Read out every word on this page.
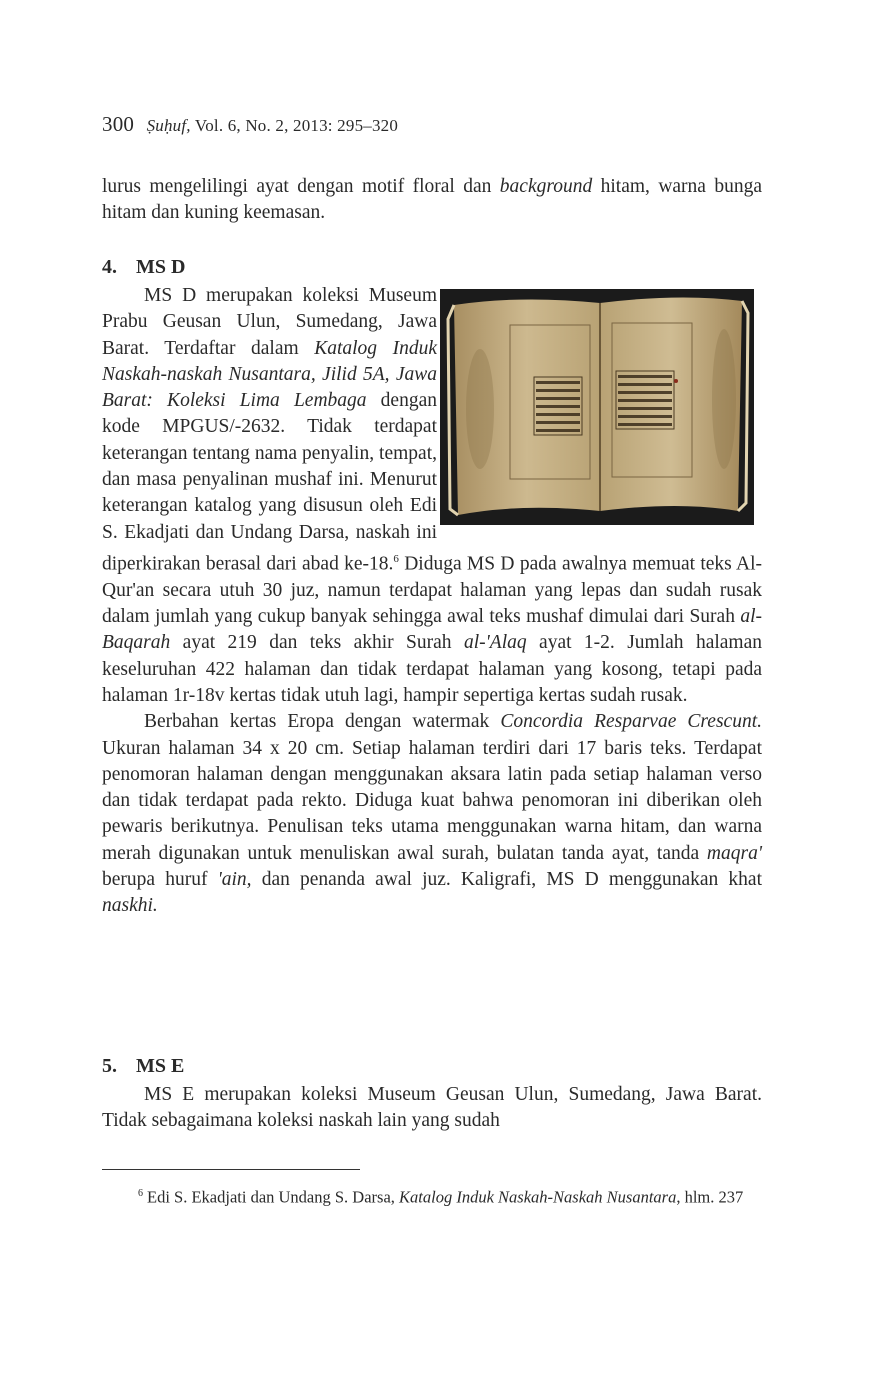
300 Ṣuḥuf, Vol. 6, No. 2, 2013: 295–320

lurus mengelilingi ayat dengan motif floral dan background hitam, warna bunga hitam dan kuning keemasan.

4. MS D

MS D merupakan koleksi Museum Prabu Geusan Ulun, Sumedang, Jawa Barat. Terdaftar dalam Katalog Induk Naskah-naskah Nusantara, Jilid 5A, Jawa Barat: Koleksi Lima Lembaga dengan kode MPGUS/-2632. Tidak terdapat keterangan tentang nama penyalin, tempat, dan masa penyalinan mushaf ini. Menurut keterangan katalog yang disusun oleh Edi S. Ekadjati dan Undang Darsa, naskah ini diperkirakan berasal dari abad ke-18.$^6$ Diduga MS D pada awalnya memuat teks Al-Qur'an secara utuh 30 juz, namun terdapat halaman yang lepas dan sudah rusak dalam jumlah yang cukup banyak sehingga awal teks mushaf dimulai dari Surah al-Baqarah ayat 219 dan teks akhir Surah al-'Alaq ayat 1-2. Jumlah halaman keseluruhan 422 halaman dan tidak terdapat halaman yang kosong, tetapi pada halaman 1r-18v kertas tidak utuh lagi, hampir sepertiga kertas sudah rusak.

Berbahan kertas Eropa dengan watermak Concordia Resparvae Crescunt. Ukuran halaman 34 x 20 cm. Setiap halaman terdiri dari 17 baris teks. Terdapat penomoran halaman dengan menggunakan aksara latin pada setiap halaman verso dan tidak terdapat pada rekto. Diduga kuat bahwa penomoran ini diberikan oleh pewaris berikutnya. Penulisan teks utama menggunakan warna hitam, dan warna merah digunakan untuk menuliskan awal surah, bulatan tanda ayat, tanda maqra' berupa huruf 'ain, dan penanda awal juz. Kaligrafi, MS D menggunakan khat naskhi.

5. MS E

MS E merupakan koleksi Museum Geusan Ulun, Sumedang, Jawa Barat. Tidak sebagaimana koleksi naskah lain yang sudah

$^6$ Edi S. Ekadjati dan Undang S. Darsa, Katalog Induk Naskah-Naskah Nusantara, hlm. 237
